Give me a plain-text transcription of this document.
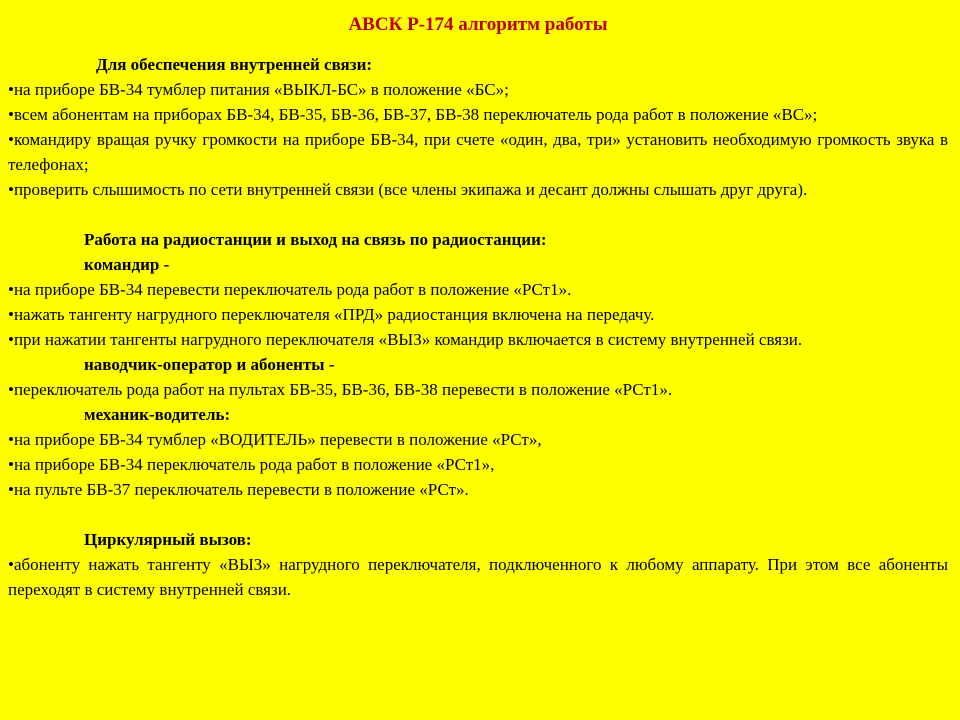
АВСК Р-174 алгоритм работы
Для обеспечения внутренней связи:

•на приборе БВ-34 тумблер питания «ВЫКЛ-БС» в положение «БС»;

•всем абонентам на приборах БВ-34, БВ-35, БВ-36, БВ-37, БВ-38 переключатель рода работ в положение «ВС»;

•командиру вращая ручку громкости на приборе БВ-34, при счете «один, два, три» установить необходимую громкость звука в телефонах;

•проверить слышимость по сети внутренней связи (все члены экипажа и десант должны слышать друг друга).

Работа на радиостанции и выход на связь по радиостанции:
командир -

•на приборе БВ-34 перевести переключатель рода работ в положение «РСт1».

•нажать тангенту нагрудного переключателя «ПРД» радиостанция включена на передачу.

•при нажатии тангенты нагрудного переключателя «ВЫЗ» командир включается в систему внутренней связи.

наводчик-оператор и абоненты -

•переключатель рода работ на пультах БВ-35, БВ-36, БВ-38 перевести в положение «РСт1».

механик-водитель:

•на приборе БВ-34 тумблер «ВОДИТЕЛЬ» перевести в положение «РСт»,

•на приборе БВ-34 переключатель рода работ в положение «РСт1»,

•на пульте БВ-37 переключатель перевести в положение «РСт».

Циркулярный вызов:

•абоненту нажать тангенту «ВЫЗ» нагрудного переключателя, подключенного к любому аппарату. При этом все абоненты переходят в систему внутренней связи.
